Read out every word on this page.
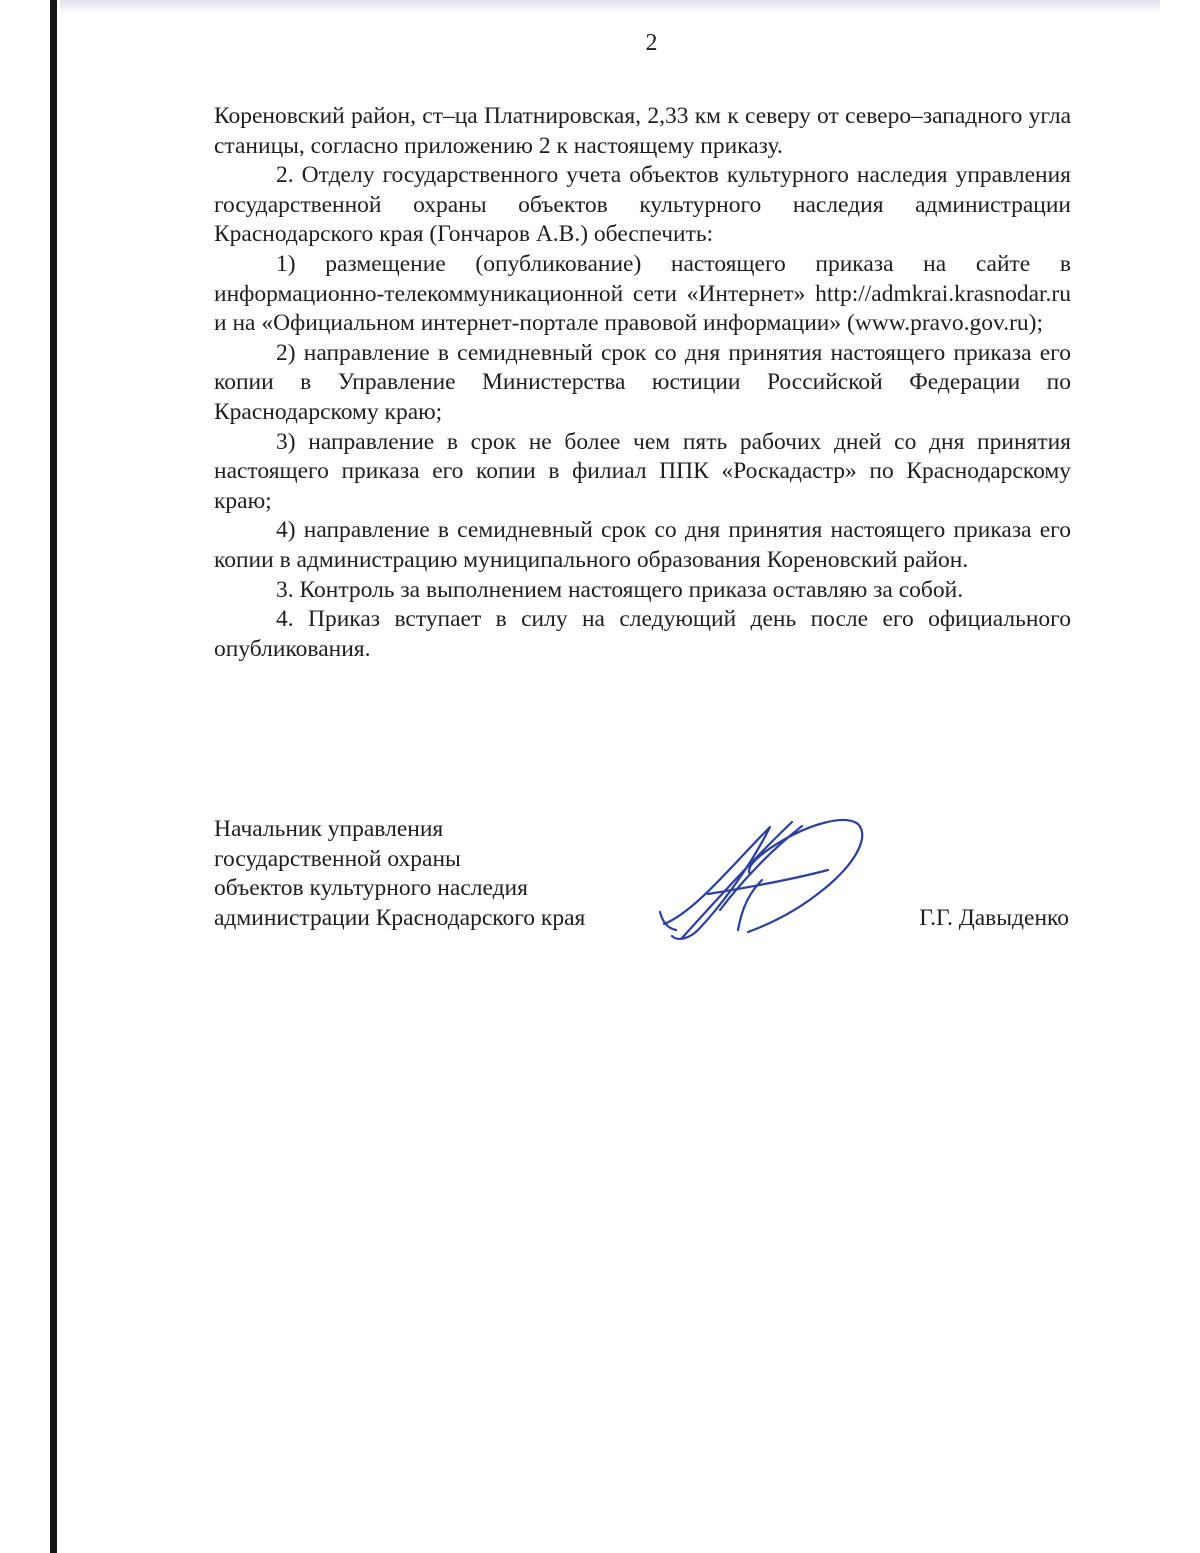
2

Кореновский район, ст–ца Платнировская, 2,33 км к северу от северо–западного угла станицы, согласно приложению 2 к настоящему приказу.

2. Отделу государственного учета объектов культурного наследия управления государственной охраны объектов культурного наследия администрации Краснодарского края (Гончаров А.В.) обеспечить:

1) размещение (опубликование) настоящего приказа на сайте в информационно-телекоммуникационной сети «Интернет» http://admkrai.krasnodar.ru и на «Официальном интернет-портале правовой информации» (www.pravo.gov.ru);

2) направление в семидневный срок со дня принятия настоящего приказа его копии в Управление Министерства юстиции Российской Федерации по Краснодарскому краю;

3) направление в срок не более чем пять рабочих дней со дня принятия настоящего приказа его копии в филиал ППК «Роскадастр» по Краснодарскому краю;

4) направление в семидневный срок со дня принятия настоящего приказа его копии в администрацию муниципального образования Кореновский район.

3. Контроль за выполнением настоящего приказа оставляю за собой.

4. Приказ вступает в силу на следующий день после его официального опубликования.

Начальник управления
государственной охраны
объектов культурного наследия
администрации Краснодарского края	Г.Г. Давыденко
